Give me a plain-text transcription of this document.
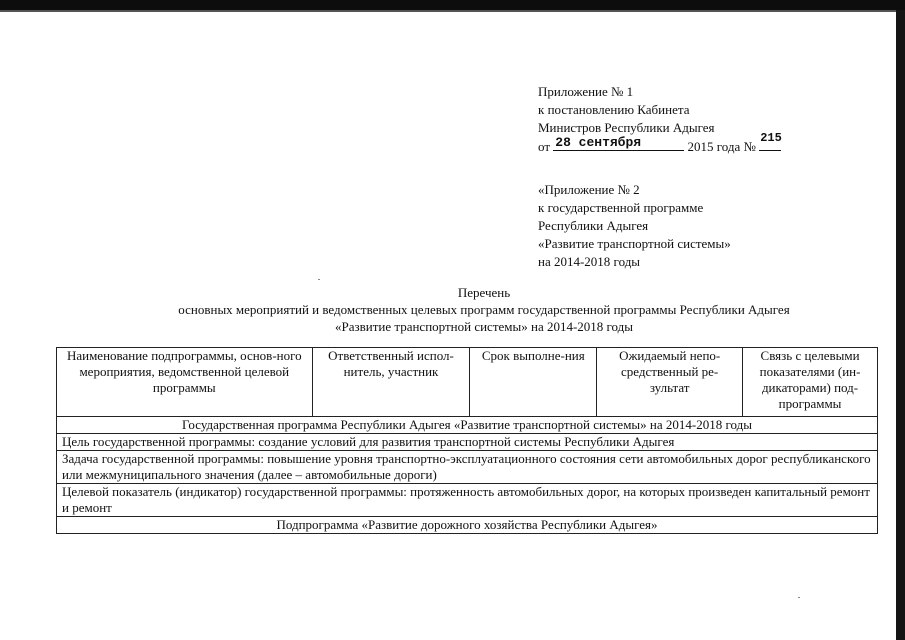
Приложение № 1
к постановлению Кабинета
Министров Республики Адыгея
от 28 сентября	2015 года №
215
«Приложение № 2
к государственной программе
Республики Адыгея
«Развитие транспортной системы»
на 2014-2018 годы
Перечень
основных мероприятий и ведомственных целевых программ государственной программы Республики Адыгея
«Развитие транспортной системы» на 2014-2018 годы
Наименование подпрограммы, основ-ного мероприятия, ведомственной целевой программы	Ответственный испол-нитель, участник	Срок выполне-ния	Ожидаемый непо-средственный ре-зультат	Связь с целевыми показателями (ин-дикаторами) под-программы
Государственная программа Республики Адыгея «Развитие транспортной системы» на 2014-2018 годы
Цель государственной программы: создание условий для развития транспортной системы Республики Адыгея
Задача государственной программы: повышение уровня транспортно-эксплуатационного состояния сети автомобильных дорог республиканского или межмуниципального значения (далее – автомобильные дороги)
Целевой показатель (индикатор) государственной программы: протяженность автомобильных дорог, на которых произведен капитальный ремонт и ремонт
Подпрограмма «Развитие дорожного хозяйства Республики Адыгея»
